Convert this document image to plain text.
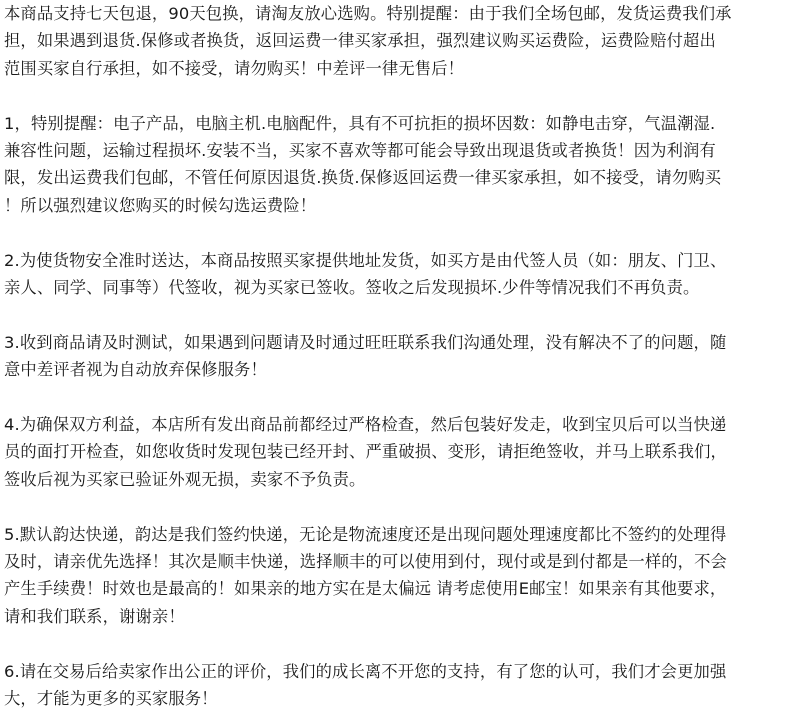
本商品支持七天包退，90天包换，请淘友放心选购。特别提醒：由于我们全场包邮，发货运费我们承
担，如果遇到退货.保修或者换货，返回运费一律买家承担，强烈建议购买运费险，运费险赔付超出
范围买家自行承担，如不接受，请勿购买！中差评一律无售后！

1，特别提醒：电子产品，电脑主机.电脑配件，具有不可抗拒的损坏因数：如静电击穿，气温潮湿.
兼容性问题，运输过程损坏.安装不当，买家不喜欢等都可能会导致出现退货或者换货！因为利润有
限，发出运费我们包邮，不管任何原因退货.换货.保修返回运费一律买家承担，如不接受，请勿购买
！所以强烈建议您购买的时候勾选运费险！

2.为使货物安全准时送达，本商品按照买家提供地址发货，如买方是由代签人员（如：朋友、门卫、
亲人、同学、同事等）代签收，视为买家已签收。签收之后发现损坏.少件等情况我们不再负责。

3.收到商品请及时测试，如果遇到问题请及时通过旺旺联系我们沟通处理，没有解决不了的问题，随
意中差评者视为自动放弃保修服务！

4.为确保双方利益，本店所有发出商品前都经过严格检查，然后包装好发走，收到宝贝后可以当快递
员的面打开检查，如您收货时发现包装已经开封、严重破损、变形，请拒绝签收，并马上联系我们，
签收后视为买家已验证外观无损，卖家不予负责。

5.默认韵达快递，韵达是我们签约快递，无论是物流速度还是出现问题处理速度都比不签约的处理得
及时，请亲优先选择！其次是顺丰快递，选择顺丰的可以使用到付，现付或是到付都是一样的，不会
产生手续费！时效也是最高的！如果亲的地方实在是太偏远 请考虑使用E邮宝！如果亲有其他要求，
请和我们联系，谢谢亲！

6.请在交易后给卖家作出公正的评价，我们的成长离不开您的支持，有了您的认可，我们才会更加强
大，才能为更多的买家服务！
